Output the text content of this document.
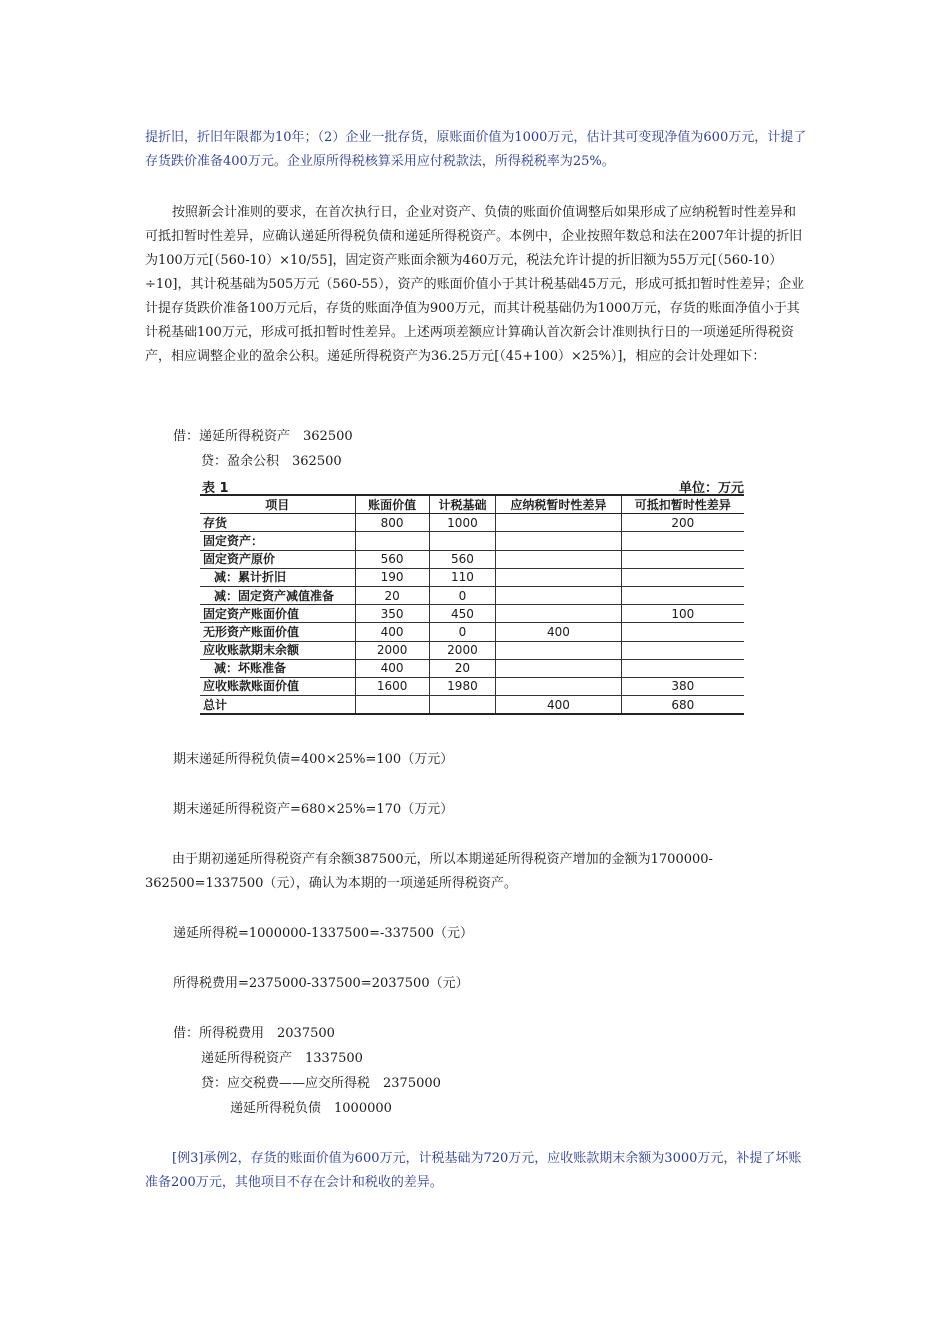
提折旧，折旧年限都为10年；（2）企业一批存货，原账面价值为1000万元，估计其可变现净值为600万元，计提了存货跌价准备400万元。企业原所得税核算采用应付税款法，所得税税率为25%。
按照新会计准则的要求，在首次执行日，企业对资产、负债的账面价值调整后如果形成了应纳税暂时性差异和可抵扣暂时性差异，应确认递延所得税负债和递延所得税资产。本例中，企业按照年数总和法在2007年计提的折旧为100万元[（560-10）×10/55]，固定资产账面余额为460万元，税法允许计提的折旧额为55万元[（560-10）÷10]，其计税基础为505万元（560-55），资产的账面价值小于其计税基础45万元，形成可抵扣暂时性差异；企业计提存货跌价准备100万元后，存货的账面净值为900万元，而其计税基础仍为1000万元，存货的账面净值小于其计税基础100万元，形成可抵扣暂时性差异。上述两项差额应计算确认首次新会计准则执行日的一项递延所得税资产，相应调整企业的盈余公积。递延所得税资产为36.25万元[（45+100）×25%）]，相应的会计处理如下：
借：递延所得税资产　362500
贷：盈余公积　362500
表 1	单位：万元
项目	账面价值	计税基础	应纳税暂时性差异	可抵扣暂时性差异
存货	800	1000		200
固定资产：				
固定资产原价	560	560		
减：累计折旧	190	110		
减：固定资产减值准备	20	0		
固定资产账面价值	350	450		100
无形资产账面价值	400	0	400	
应收账款期末余额	2000	2000		
减：坏账准备	400	20		
应收账款账面价值	1600	1980		380
总计			400	680
期末递延所得税负债=400×25%=100（万元）
期末递延所得税资产=680×25%=170（万元）
由于期初递延所得税资产有余额387500元，所以本期递延所得税资产增加的金额为1700000-362500=1337500（元），确认为本期的一项递延所得税资产。
递延所得税=1000000-1337500=-337500（元）
所得税费用=2375000-337500=2037500（元）
借：所得税费用　2037500
递延所得税资产　1337500
贷：应交税费——应交所得税　2375000
递延所得税负债　1000000
[例3]承例2，存货的账面价值为600万元，计税基础为720万元，应收账款期末余额为3000万元，补提了坏账准备200万元，其他项目不存在会计和税收的差异。
